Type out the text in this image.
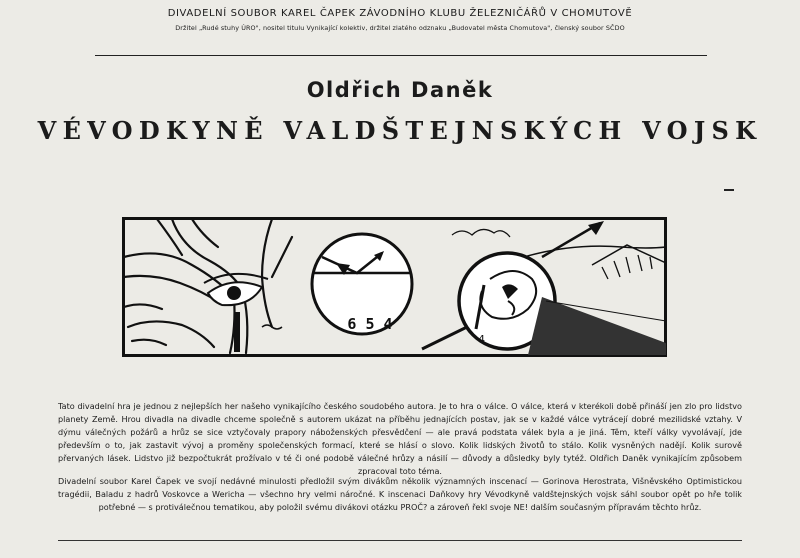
DIVADELNÍ SOUBOR KAREL ČAPEK ZÁVODNÍHO KLUBU ŽELEZNIČÁŘŮ V CHOMUTOVĚ
Držitel „Rudé stuhy ÚRO", nositel titulu Vynikající kolektiv, držitel zlatého odznaku „Budovatel města Chomutova", členský soubor SČDO
Oldřich Daněk
VÉVODKYNĚ VALDŠTEJNSKÝCH VOJSK
6 5 4
4
Tato divadelní hra je jednou z nejlepších her našeho vynikajícího českého soudobého autora. Je to hra o válce. O válce, která v kterékoli době přináší jen zlo pro lidstvo planety Země. Hrou divadla na divadle chceme společně s autorem ukázat na příběhu jednajících postav, jak se v každé válce vytrácejí dobré mezilidské vztahy. V dýmu válečných požárů a hrůz se sice vztyčovaly prapory náboženských přesvědčení — ale pravá podstata válek byla a je jiná. Těm, kteří války vyvolávají, jde především o to, jak zastavit vývoj a proměny společenských formací, které se hlásí o slovo. Kolik lidských životů to stálo. Kolik vysněných nadějí. Kolik surově přervaných lásek. Lidstvo již bezpočtukrát prožívalo v té či oné podobě válečné hrůzy a násilí — důvody a důsledky byly tytéž. Oldřich Daněk vynikajícím způsobem zpracoval toto téma.
Divadelní soubor Karel Čapek ve svojí nedávné minulosti předložil svým divákům několik významných inscenací — Gorinova Herostrata, Višněvského Optimistickou tragédii, Baladu z hadrů Voskovce a Wericha — všechno hry velmi náročné. K inscenaci Daňkovy hry Vévodkyně valdštejnských vojsk sáhl soubor opět po hře tolik potřebné — s protiválečnou tematikou, aby položil svému divákovi otázku PROČ? a zároveň řekl svoje NE! dalším současným přípravám těchto hrůz.
